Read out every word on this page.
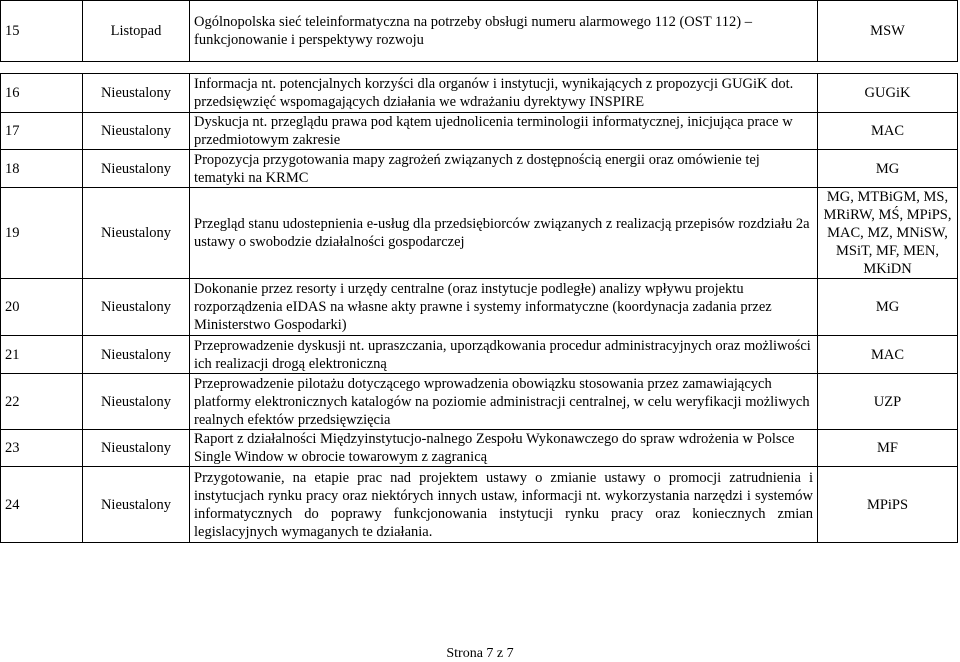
15	Listopad	Ogólnopolska sieć teleinformatyczna na potrzeby obsługi numeru alarmowego 112 (OST 112) – funkcjonowanie i perspektywy rozwoju	MSW

16	Nieustalony	Informacja nt. potencjalnych korzyści dla organów i instytucji, wynikających z propozycji GUGiK dot. przedsięwzięć wspomagających działania we wdrażaniu dyrektywy INSPIRE	GUGiK
17	Nieustalony	Dyskucja nt. przeglądu prawa pod kątem ujednolicenia terminologii informatycznej, inicjująca prace w przedmiotowym zakresie	MAC
18	Nieustalony	Propozycja przygotowania mapy zagrożeń związanych z dostępnością energii oraz omówienie tej tematyki na KRMC	MG
19	Nieustalony	Przegląd stanu udostepnienia e-usług dla przedsiębiorców związanych z realizacją przepisów rozdziału 2a ustawy o swobodzie działalności gospodarczej	MG, MTBiGM, MS, MRiRW, MŚ, MPiPS, MAC, MZ, MNiSW, MSiT, MF, MEN, MKiDN
20	Nieustalony	Dokonanie przez resorty i urzędy centralne (oraz instytucje podległe) analizy wpływu projektu rozporządzenia eIDAS na własne akty prawne i systemy informatyczne (koordynacja zadania przez Ministerstwo Gospodarki)	MG
21	Nieustalony	Przeprowadzenie dyskusji nt. upraszczania, uporządkowania procedur administracyjnych oraz możliwości ich realizacji drogą elektroniczną	MAC
22	Nieustalony	Przeprowadzenie pilotażu dotyczącego wprowadzenia obowiązku stosowania przez zamawiających platformy elektronicznych katalogów na poziomie administracji centralnej, w celu weryfikacji możliwych realnych efektów przedsięwzięcia	UZP
23	Nieustalony	Raport z działalności Międzyinstytucjo-nalnego Zespołu Wykonawczego do spraw wdrożenia w Polsce Single Window w obrocie towarowym z zagranicą	MF
24	Nieustalony	Przygotowanie, na etapie prac nad projektem ustawy o zmianie ustawy o promocji zatrudnienia i instytucjach rynku pracy oraz niektórych innych ustaw, informacji nt. wykorzystania narzędzi i systemów informatycznych do poprawy funkcjonowania instytucji rynku pracy oraz koniecznych zmian legislacyjnych wymaganych te działania.	MPiPS
Strona 7 z 7
